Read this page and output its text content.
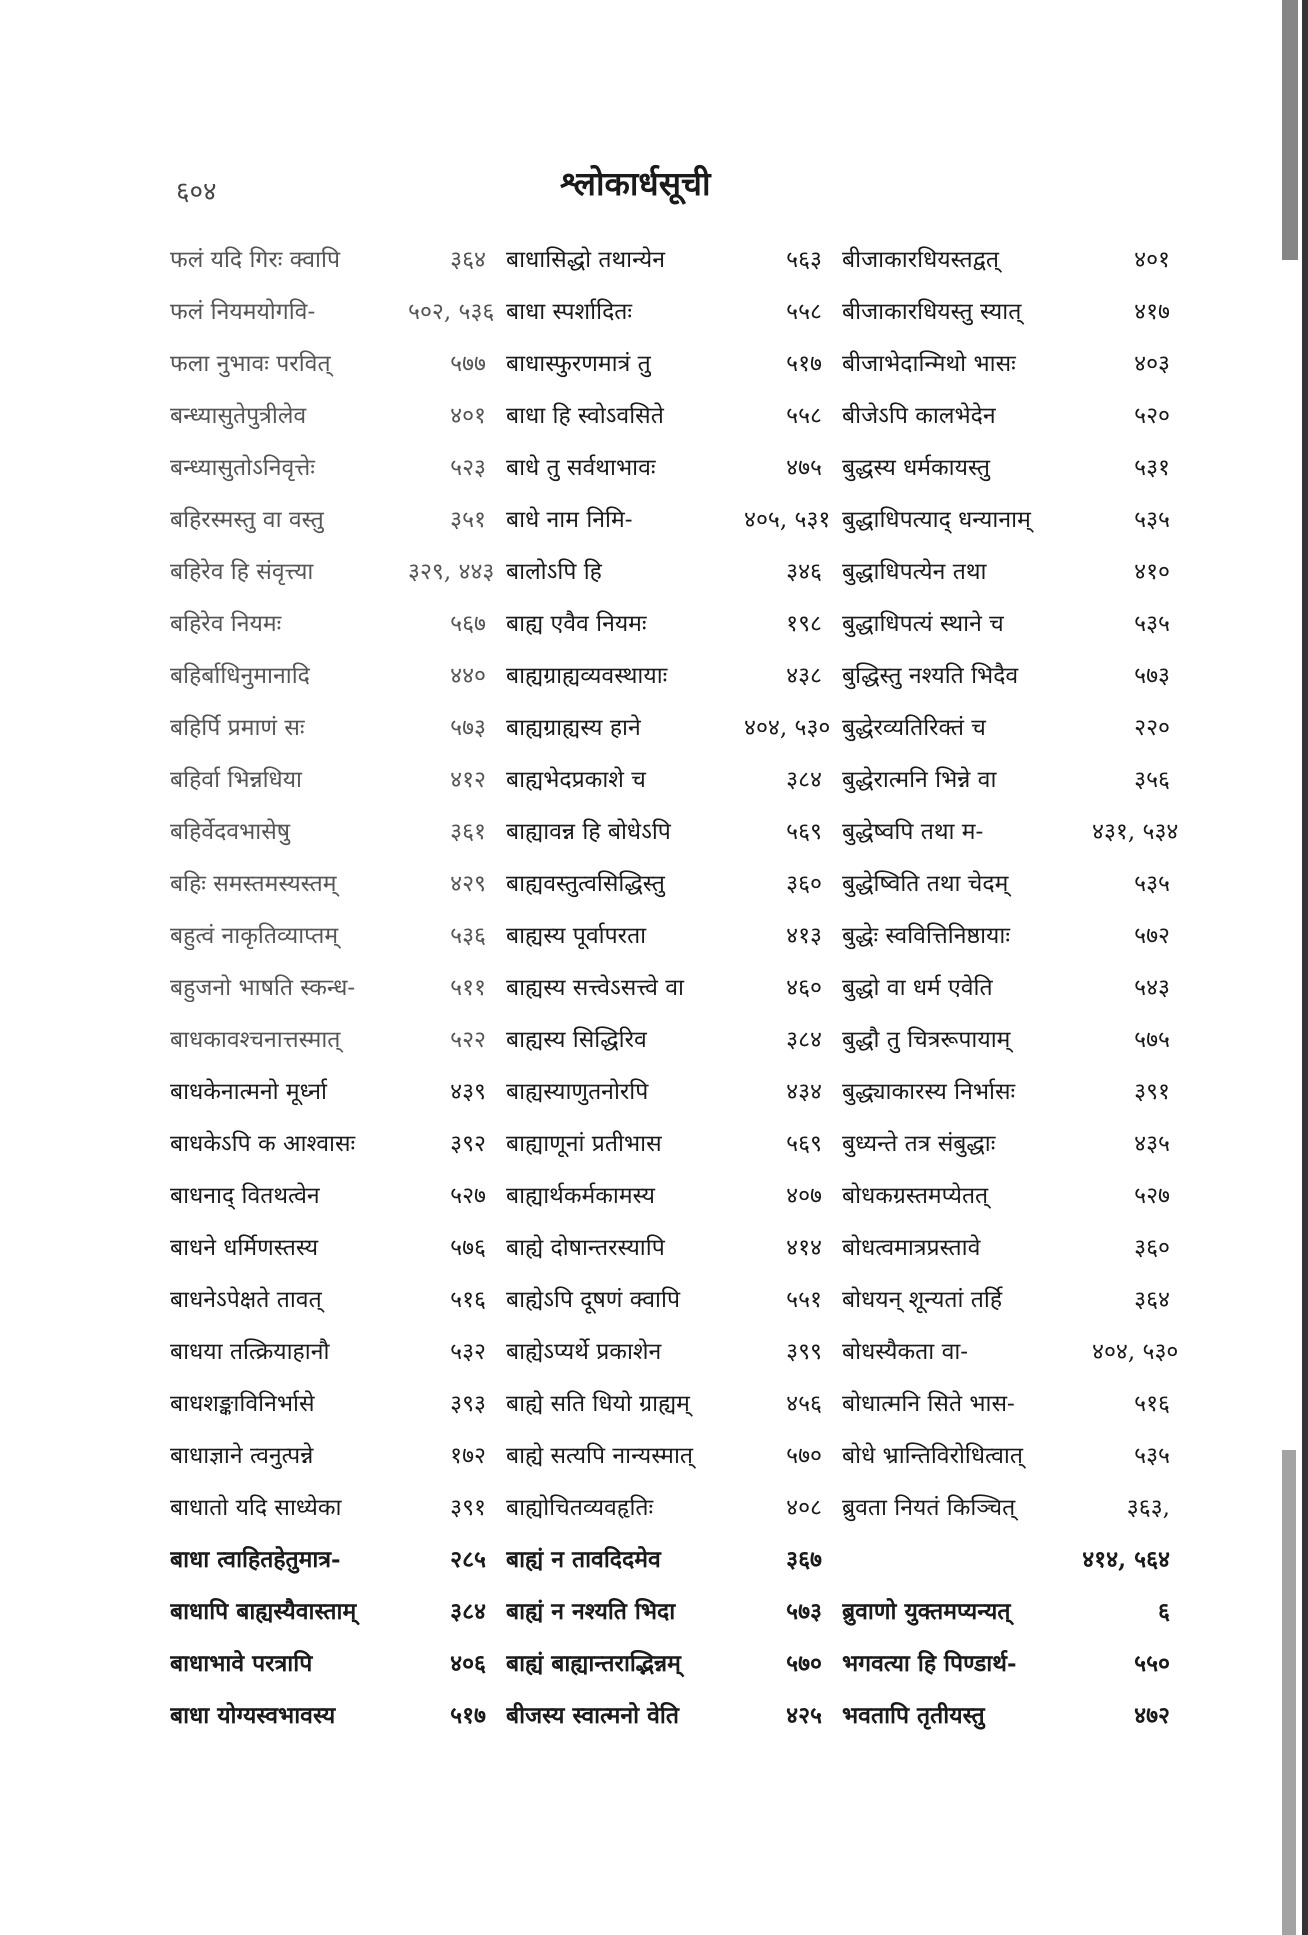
६०४	श्लोकार्धसूची
फलं यदि गिरः क्वापि	३६४ बाधासिद्धो तथान्येन	५६३ बीजाकारधियस्तद्वत्	४०१
फलं नियमयोगवि-	५०२, ५३६ बाधा स्पर्शादितः	५५८ बीजाकारधियस्तु स्यात्	४१७
फला नुभावः परवित्	५७७ बाधास्फुरणमात्रं तु	५१७ बीजाभेदान्मिथो भासः	४०३
बन्ध्यासुतेपुत्रीलेव	४०१ बाधा हि स्वोऽवसिते	५५८ बीजेऽपि कालभेदेन	५२०
बन्ध्यासुतोऽनिवृत्तेः	५२३ बाधे तु सर्वथाभावः	४७५ बुद्धस्य धर्मकायस्तु	५३१
बहिरस्मस्तु वा वस्तु	३५१ बाधे नाम निमि-	४०५, ५३१ बुद्धाधिपत्याद् धन्यानाम्	५३५
बहिरेव हि संवृत्त्या	३२९, ४४३ बालोऽपि हि	३४६ बुद्धाधिपत्येन तथा	४१०
बहिरेव नियमः	५६७ बाह्य एवैव नियमः	१९८ बुद्धाधिपत्यं स्थाने च	५३५
बहिर्बाधिनुमानादि	४४० बाह्यग्राह्यव्यवस्थायाः	४३८ बुद्धिस्तु नश्यति भिदैव	५७३
बहिर्पि प्रमाणं सः	५७३ बाह्यग्राह्यस्य हाने	४०४, ५३० बुद्धेरव्यतिरिक्तं च	२२०
बहिर्वा भिन्नधिया	४१२ बाह्यभेदप्रकाशे च	३८४ बुद्धेरात्मनि भिन्ने वा	३५६
बहिर्वेदवभासेषु	३६१ बाह्यावन्न हि बोधेऽपि	५६९ बुद्धेष्वपि तथा म-	४३१, ५३४
बहिः समस्तमस्यस्तम्	४२९ बाह्यवस्तुत्वसिद्धिस्तु	३६० बुद्धेष्विति तथा चेदम्	५३५
बहुत्वं नाकृतिव्याप्तम्	५३६ बाह्यस्य पूर्वापरता	४१३ बुद्धेः स्ववित्तिनिष्ठायाः	५७२
बहुजनो भाषति स्कन्ध-	५११ बाह्यस्य सत्त्वेऽसत्त्वे वा	४६० बुद्धो वा धर्म एवेति	५४३
बाधकावश्चनात्तस्मात्	५२२ बाह्यस्य सिद्धिरिव	३८४ बुद्धौ तु चित्ररूपायाम्	५७५
बाधकेनात्मनो मूर्ध्ना	४३९ बाह्यस्याणुतनोरपि	४३४ बुद्ध्याकारस्य निर्भासः	३९१
बाधकेऽपि क आश्वासः	३९२ बाह्याणूनां प्रतीभास	५६९ बुध्यन्ते तत्र संबुद्धाः	४३५
बाधनाद् वितथत्वेन	५२७ बाह्यार्थकर्मकामस्य	४०७ बोधकग्रस्तमप्येतत्	५२७
बाधने धर्मिणस्तस्य	५७६ बाह्ये दोषान्तरस्यापि	४१४ बोधत्वमात्रप्रस्तावे	३६०
बाधनेऽपेक्षते तावत्	५१६ बाह्येऽपि दूषणं क्वापि	५५१ बोधयन् शून्यतां तर्हि	३६४
बाधया तत्क्रियाहानौ	५३२ बाह्येऽप्यर्थे प्रकाशेन	३९९ बोधस्यैकता वा-	४०४, ५३०
बाधशङ्काविनिर्भासे	३९३ बाह्ये सति धियो ग्राह्यम्	४५६ बोधात्मनि सिते भास-	५१६
बाधाज्ञाने त्वनुत्पन्ने	१७२ बाह्ये सत्यपि नान्यस्मात्	५७० बोधे भ्रान्तिविरोधित्वात्	५३५
बाधातो यदि साध्येका	३९१ बाह्योचितव्यवहृतिः	४०८ ब्रुवता नियतं किञ्चित्	३६३,
बाधा त्वाहितहेतुमात्र-	२८५ बाह्यं न तावदिदमेव	३६७	४१४, ५६४
बाधापि बाह्यस्यैवास्ताम्	३८४ बाह्यं न नश्यति भिदा	५७३ ब्रुवाणो युक्तमप्यन्यत्	६
बाधाभावे परत्रापि	४०६ बाह्यं बाह्यान्तराद्भिन्नम्	५७० भगवत्या हि पिण्डार्थ-	५५०
बाधा योग्यस्वभावस्य	५१७ बीजस्य स्वात्मनो वेति	४२५ भवतापि तृतीयस्तु	४७२
